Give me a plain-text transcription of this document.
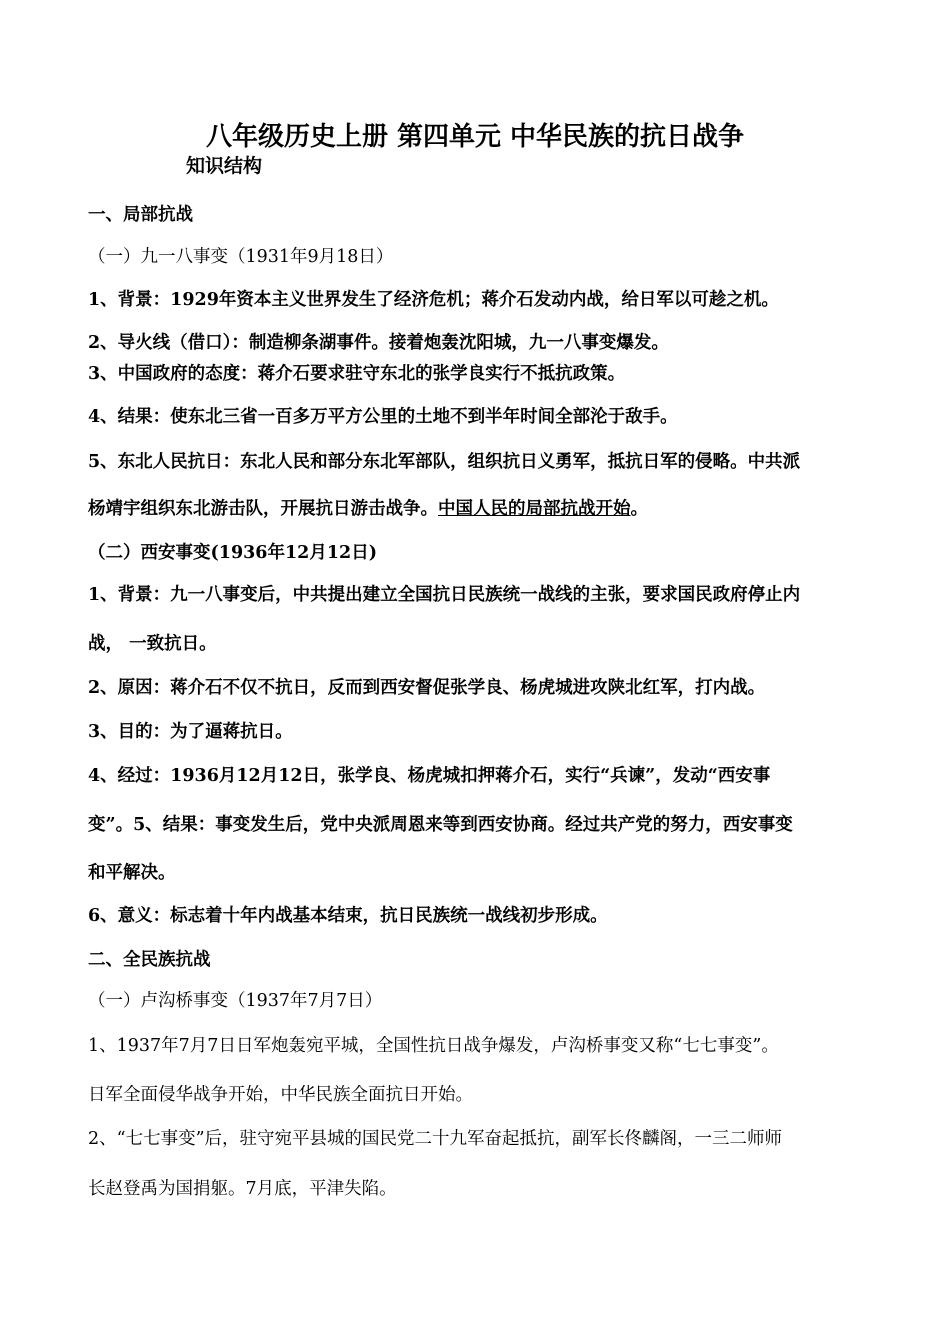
八年级历史上册 第四单元 中华民族的抗日战争
知识结构
一、局部抗战
（一）九一八事变（1931年9月18日）
1、背景：1929年资本主义世界发生了经济危机；蒋介石发动内战，给日军以可趁之机。
2、导火线（借口）：制造柳条湖事件。接着炮轰沈阳城，九一八事变爆发。
3、中国政府的态度：蒋介石要求驻守东北的张学良实行不抵抗政策。
4、结果：使东北三省一百多万平方公里的土地不到半年时间全部沦于敌手。
5、东北人民抗日：东北人民和部分东北军部队，组织抗日义勇军，抵抗日军的侵略。中共派
杨靖宇组织东北游击队，开展抗日游击战争。中国人民的局部抗战开始。
（二）西安事变(1936年12月12日)
1、背景：九一八事变后，中共提出建立全国抗日民族统一战线的主张，要求国民政府停止内
战， 一致抗日。
2、原因：蒋介石不仅不抗日，反而到西安督促张学良、杨虎城进攻陕北红军，打内战。
3、目的：为了逼蒋抗日。
4、经过：1936月12月12日，张学良、杨虎城扣押蒋介石，实行“兵谏”，发动“西安事
变”。5、结果：事变发生后，党中央派周恩来等到西安协商。经过共产党的努力，西安事变
和平解决。
6、意义：标志着十年内战基本结束，抗日民族统一战线初步形成。
二、全民族抗战
（一）卢沟桥事变（1937年7月7日）
1、1937年7月7日日军炮轰宛平城，全国性抗日战争爆发，卢沟桥事变又称“七七事变”。
日军全面侵华战争开始，中华民族全面抗日开始。
2、“七七事变”后，驻守宛平县城的国民党二十九军奋起抵抗，副军长佟麟阁，一三二师师
长赵登禹为国捐躯。7月底，平津失陷。
